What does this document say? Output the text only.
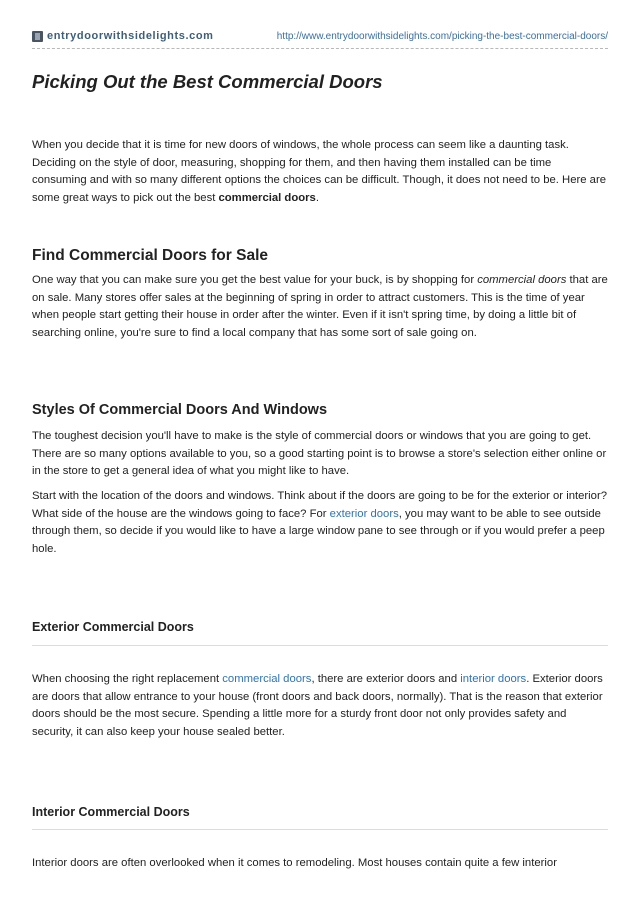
entrydoorwithsidelights.com	http://www.entrydoorwithsidelights.com/picking-the-best-commercial-doors/
Picking Out the Best Commercial Doors

When you decide that it is time for new doors of windows, the whole process can seem like a daunting task. Deciding on the style of door, measuring, shopping for them, and then having them installed can be time consuming and with so many different options the choices can be difficult. Though, it does not need to be. Here are some great ways to pick out the best commercial doors.

Find Commercial Doors for Sale

One way that you can make sure you get the best value for your buck, is by shopping for commercial doors that are on sale. Many stores offer sales at the beginning of spring in order to attract customers. This is the time of year when people start getting their house in order after the winter. Even if it isn't spring time, by doing a little bit of searching online, you're sure to find a local company that has some sort of sale going on.

Styles Of Commercial Doors And Windows

The toughest decision you'll have to make is the style of commercial doors or windows that you are going to get. There are so many options available to you, so a good starting point is to browse a store's selection either online or in the store to get a general idea of what you might like to have.

Start with the location of the doors and windows. Think about if the doors are going to be for the exterior or interior? What side of the house are the windows going to face? For exterior doors, you may want to be able to see outside through them, so decide if you would like to have a large window pane to see through or if you would prefer a peep hole.

Exterior Commercial Doors

When choosing the right replacement commercial doors, there are exterior doors and interior doors. Exterior doors are doors that allow entrance to your house (front doors and back doors, normally). That is the reason that exterior doors should be the most secure. Spending a little more for a sturdy front door not only provides safety and security, it can also keep your house sealed better.

Interior Commercial Doors

Interior doors are often overlooked when it comes to remodeling. Most houses contain quite a few interior
